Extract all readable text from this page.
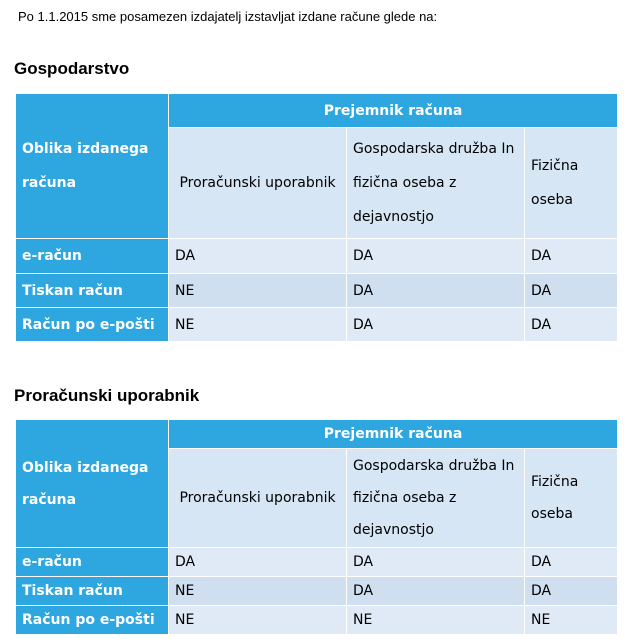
Po 1.1.2015 sme posamezen izdajatelj izstavljat izdane račune glede na:
Gospodarstvo
Oblika izdanega računa	Prejemnik računa		
	Proračunski uporabnik	Gospodarska družba In fizična oseba z dejavnostjo	Fizična oseba
e-račun	DA	DA	DA
Tiskan račun	NE	DA	DA
Račun po e-pošti	NE	DA	DA
Proračunski uporabnik
Oblika izdanega računa	Prejemnik računa		
	Proračunski uporabnik	Gospodarska družba In fizična oseba z dejavnostjo	Fizična oseba
e-račun	DA	DA	DA
Tiskan račun	NE	DA	DA
Račun po e-pošti	NE	NE	NE
